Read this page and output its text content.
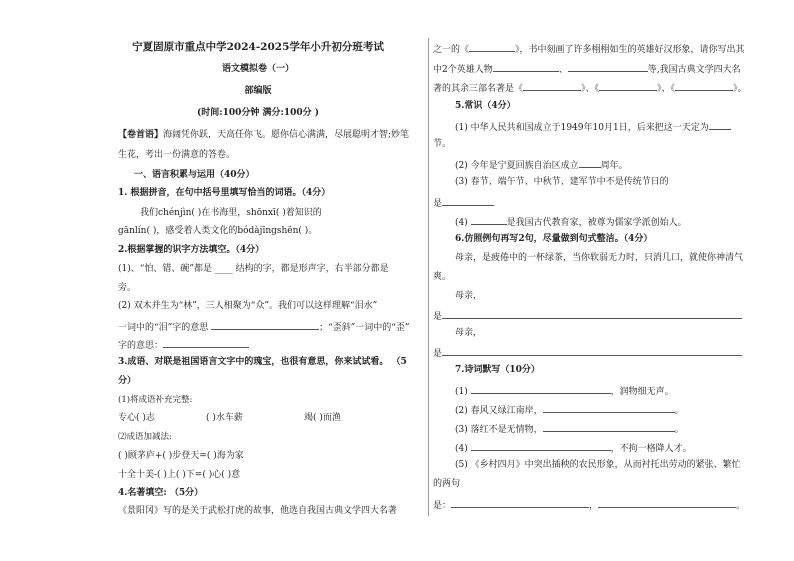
宁夏固原市重点中学2024-2025学年小升初分班考试
语文模拟卷（一）
部编版
(时间:100分钟 满分:100分 )
【卷首语】海阔凭你跃，天高任你飞。愿你信心满满，尽展聪明才智;妙笔
生花，考出一份满意的答卷。
一、语言积累与运用（40分）
1. 根据拼音，在句中括号里填写恰当的词语。（4分）
我们chénjìn( )在书海里，shōnxī( )着知识的
gānlín( )，感受着人类文化的bódàjīngshēn( )。
2.根据掌握的识字方法填空。（4分）
(1)、“怕、错、碗”都是 ____ 结构的字，都是形声字，右半部分都是
旁。
(2) 双木并生为“林”，三人相聚为“众”。我们可以这样理解“泪水”
一词中的“泪”字的意思	；“歪斜”一词中的“歪”
字的意思：
3.成语、对联是祖国语言文字中的瑰宝，也很有意思，你来试试看。 （5
分）
(1)将成语补充完整:
专心( )志	( )水车薪	竭( )而渔
⑵成语加减法:
( )顾茅庐+( )步登天=( )海为家
十全十美-( )上( )下=( )心( )意
4.名著填空: （5分）
《景阳冈》写的是关于武松打虎的故事，他选自我国古典文学四大名著
之一的《	》，书中刻画了许多栩栩如生的英雄好汉形象，请你写出其
中2个英雄人物	、	等,我国古典文学四大名
著的其余三部名著是《	》、《	》、《	》。
5.常识（4分）
(1) 中华人民共和国成立于1949年10月1日，后来把这一天定为
节。
(2) 今年是宁夏回族自治区成立 周年。
(3) 春节、端午节、中秋节、建军节中不是传统节日的
是
(4)	是我国古代教育家，被尊为儒家学派创始人。
6.仿照例句再写2句，尽量做到句式整洁。（4分）
母亲，是疲倦中的一杯绿茶，当你软弱无力时，只消几口，就使你神清气
爽。
母亲，
是
母亲，
是
7.诗词默写（10分）
(1)	，润物细无声。
(2) 春风又绿江南岸，	。
(3) 落红不是无情物，	。
(4)	，不拘一格降人才。
(5) 《乡村四月》中突出插秧的农民形象，从而衬托出劳动的紧张、繁忙
的两句
是：	，	。
